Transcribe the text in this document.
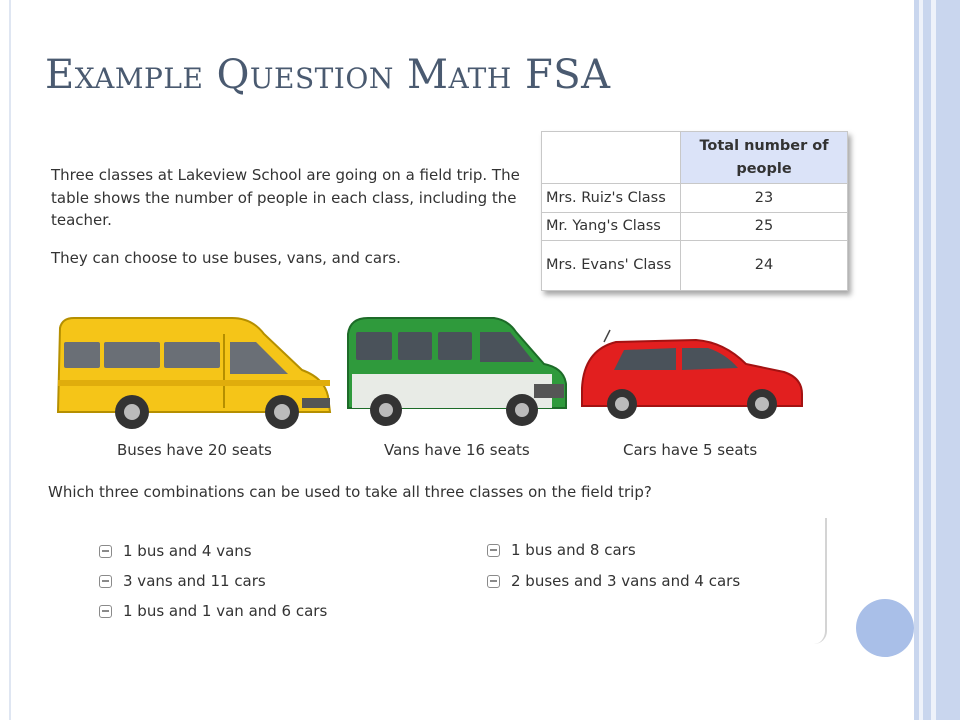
Example Question Math FSA

Three classes at Lakeview School are going on a field trip. The table shows the number of people in each class, including the teacher.

They can choose to use buses, vans, and cars.

	Total number of people
Mrs. Ruiz's Class	23
Mr. Yang's Class	25
Mrs. Evans' Class	24
Buses have 20 seats	Vans have 16 seats	Cars have 5 seats
Which three combinations can be used to take all three classes on the field trip?
1 bus and 4 vans
3 vans and 11 cars
1 bus and 1 van and 6 cars
1 bus and 8 cars
2 buses and 3 vans and 4 cars
